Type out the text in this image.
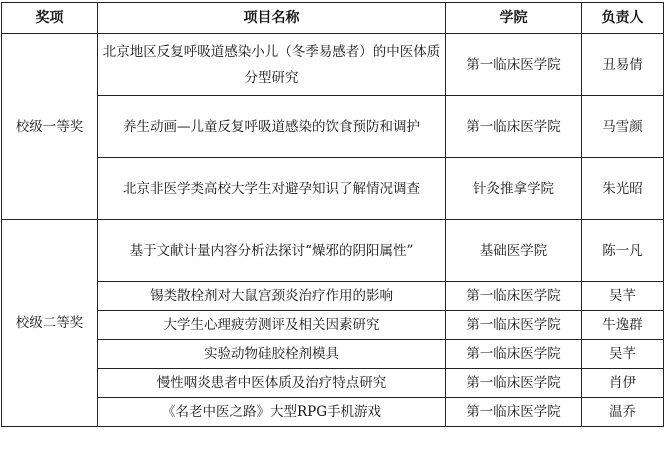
奖项	项目名称	学院	负责人
校级一等奖	北京地区反复呼吸道感染小儿（冬季易感者）的中医体质分型研究	第一临床医学院	丑易倩
	养生动画—儿童反复呼吸道感染的饮食预防和调护	第一临床医学院	马雪颜
	北京非医学类高校大学生对避孕知识了解情况调查	针灸推拿学院	朱光昭
校级二等奖	基于文献计量内容分析法探讨“燥邪的阴阳属性”	基础医学院	陈一凡
	锡类散栓剂对大鼠宫颈炎治疗作用的影响	第一临床医学院	吴芊
	大学生心理疲劳测评及相关因素研究	第一临床医学院	牛逸群
	实验动物硅胶栓剂模具	第一临床医学院	吴芊
	慢性咽炎患者中医体质及治疗特点研究	第一临床医学院	肖伊
	《名老中医之路》大型RPG手机游戏	第一临床医学院	温乔
